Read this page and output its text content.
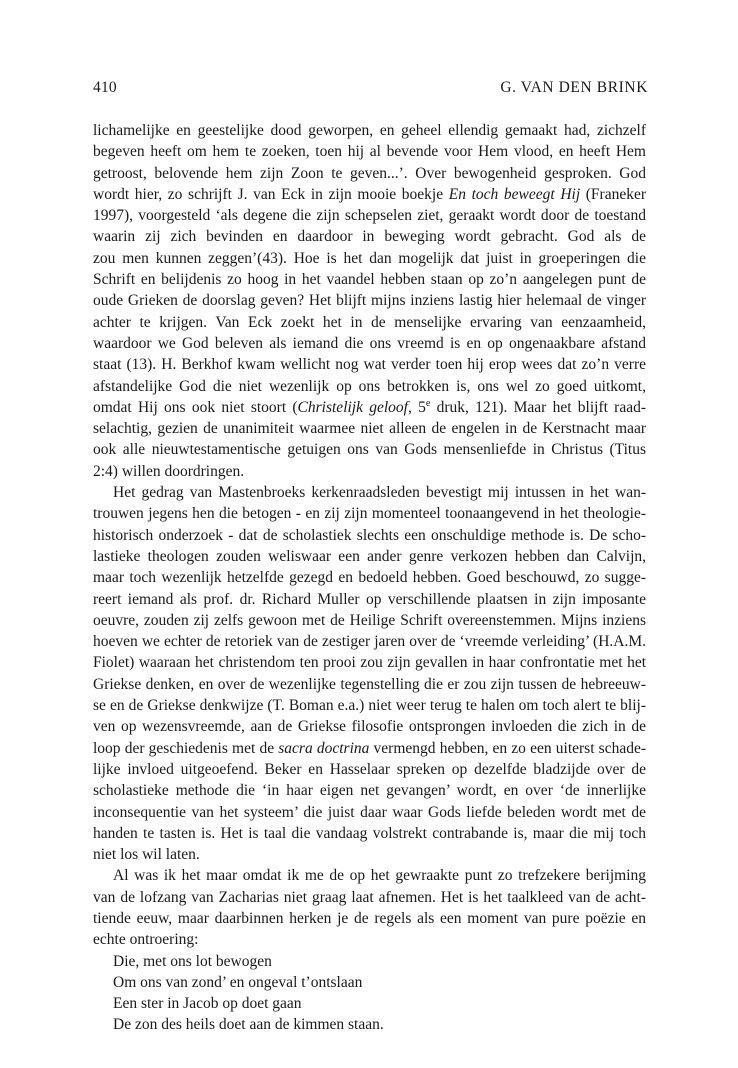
410	G. VAN DEN BRINK
lichamelijke en geestelijke dood geworpen, en geheel ellendig gemaakt had, zichzelf
begeven heeft om hem te zoeken, toen hij al bevende voor Hem vlood, en heeft Hem
getroost, belovende hem zijn Zoon te geven...’. Over bewogenheid gesproken. God
wordt hier, zo schrijft J. van Eck in zijn mooie boekje En toch beweegt Hij (Franeker
1997), voorgesteld ‘als degene die zijn schepselen ziet, geraakt wordt door de toestand
waarin zij zich bevinden en daardoor in beweging wordt gebracht. God als de
zou men kunnen zeggen’(43). Hoe is het dan mogelijk dat juist in groeperingen die
Schrift en belijdenis zo hoog in het vaandel hebben staan op zo’n aangelegen punt de
oude Grieken de doorslag geven? Het blijft mijns inziens lastig hier helemaal de vinger
achter te krijgen. Van Eck zoekt het in de menselijke ervaring van eenzaamheid,
waardoor we God beleven als iemand die ons vreemd is en op ongenaakbare afstand
staat (13). H. Berkhof kwam wellicht nog wat verder toen hij erop wees dat zo’n verre
afstandelijke God die niet wezenlijk op ons betrokken is, ons wel zo goed uitkomt,
omdat Hij ons ook niet stoort (Christelijk geloof, 5e druk, 121). Maar het blijft raad-
selachtig, gezien de unanimiteit waarmee niet alleen de engelen in de Kerstnacht maar
ook alle nieuwtestamentische getuigen ons van Gods mensenliefde in Christus (Titus
2:4) willen doordringen.
Het gedrag van Mastenbroeks kerkenraadsleden bevestigt mij intussen in het wan-
trouwen jegens hen die betogen - en zij zijn momenteel toonaangevend in het theologie-
historisch onderzoek - dat de scholastiek slechts een onschuldige methode is. De scho-
lastieke theologen zouden weliswaar een ander genre verkozen hebben dan Calvijn,
maar toch wezenlijk hetzelfde gezegd en bedoeld hebben. Goed beschouwd, zo sugge-
reert iemand als prof. dr. Richard Muller op verschillende plaatsen in zijn imposante
oeuvre, zouden zij zelfs gewoon met de Heilige Schrift overeenstemmen. Mijns inziens
hoeven we echter de retoriek van de zestiger jaren over de ‘vreemde verleiding’ (H.A.M.
Fiolet) waaraan het christendom ten prooi zou zijn gevallen in haar confrontatie met het
Griekse denken, en over de wezenlijke tegenstelling die er zou zijn tussen de hebreeuw-
se en de Griekse denkwijze (T. Boman e.a.) niet weer terug te halen om toch alert te blij-
ven op wezensvreemde, aan de Griekse filosofie ontsprongen invloeden die zich in de
loop der geschiedenis met de sacra doctrina vermengd hebben, en zo een uiterst schade-
lijke invloed uitgeoefend. Beker en Hasselaar spreken op dezelfde bladzijde over de
scholastieke methode die ‘in haar eigen net gevangen’ wordt, en over ‘de innerlijke
inconsequentie van het systeem’ die juist daar waar Gods liefde beleden wordt met de
handen te tasten is. Het is taal die vandaag volstrekt contrabande is, maar die mij toch
niet los wil laten.
Al was ik het maar omdat ik me de op het gewraakte punt zo trefzekere berijming
van de lofzang van Zacharias niet graag laat afnemen. Het is het taalkleed van de acht-
tiende eeuw, maar daarbinnen herken je de regels als een moment van pure poëzie en
echte ontroering:
Die, met ons lot bewogen
Om ons van zond’ en ongeval t’ontslaan
Een ster in Jacob op doet gaan
De zon des heils doet aan de kimmen staan.
